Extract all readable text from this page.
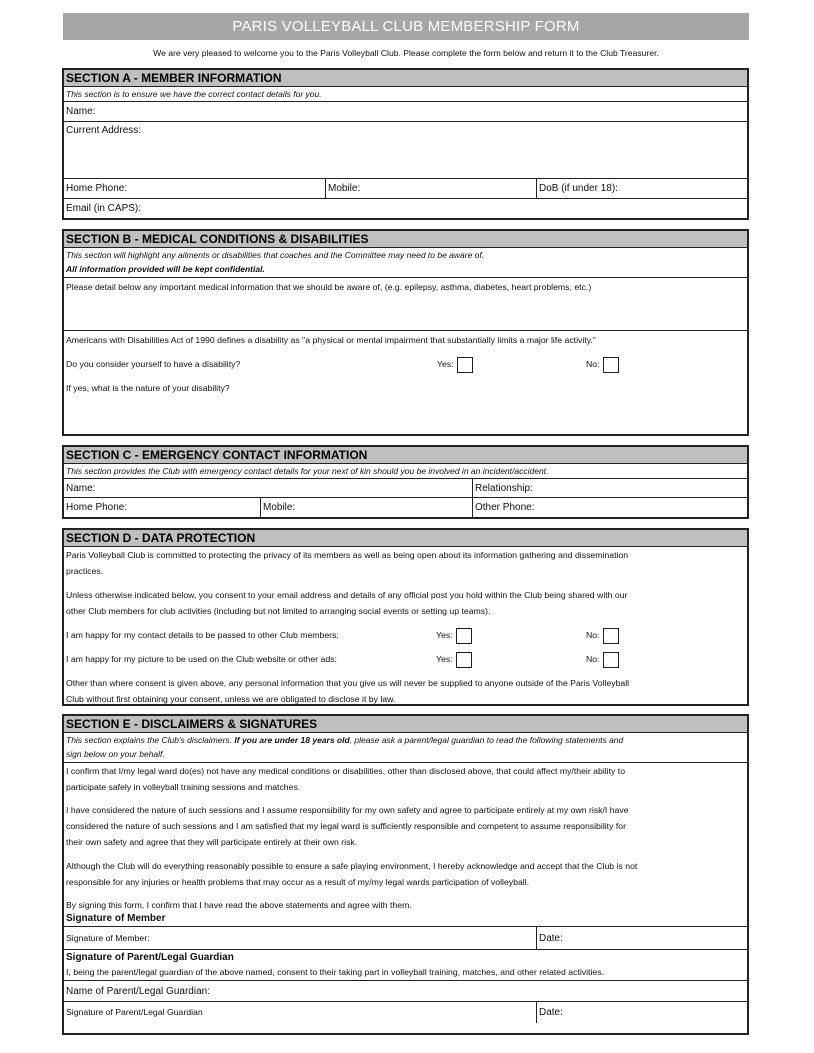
PARIS VOLLEYBALL CLUB MEMBERSHIP FORM
We are very pleased to welcome you to the Paris Volleyball Club. Please complete the form below and return it to the Club Treasurer.
SECTION A - MEMBER INFORMATION
This section is to ensure we have the correct contact details for you.
Name:
Current Address:
Home Phone:	Mobile:	DoB (if under 18):
Email (in CAPS):
SECTION B - MEDICAL CONDITIONS & DISABILITIES
This section will highlight any ailments or disabilities that coaches and the Committee may need to be aware of.
All information provided will be kept confidential.
Please detail below any important medical information that we should be aware of, (e.g. epilepsy, asthma, diabetes, heart problems, etc.)
Americans with Disabilities Act of 1990 defines a disability as "a physical or mental impairment that substantially limits a major life activity."
Do you consider yourself to have a disability?	Yes:	No:
If yes, what is the nature of your disability?
SECTION C - EMERGENCY CONTACT INFORMATION
This section provides the Club with emergency contact details for your next of kin should you be involved in an incident/accident.
Name:	Relationship:
Home Phone:	Mobile:	Other Phone:
SECTION D - DATA PROTECTION
Paris Volleyball Club is committed to protecting the privacy of its members as well as being open about its information gathering and dissemination
practices.
Unless otherwise indicated below, you consent to your email address and details of any official post you hold within the Club being shared with our
other Club members for club activities (including but not limited to arranging social events or setting up teams).
I am happy for my contact details to be passed to other Club members:	Yes:	No:
I am happy for my picture to be used on the Club website or other ads:	Yes:	No:
Other than where consent is given above, any personal information that you give us will never be supplied to anyone outside of the Paris Volleyball
Club without first obtaining your consent, unless we are obligated to disclose it by law.
SECTION E - DISCLAIMERS & SIGNATURES
This section explains the Club's disclaimers. If you are under 18 years old, please ask a parent/legal guardian to read the following statements and
sign below on your behalf.
I confirm that I/my legal ward do(es) not have any medical conditions or disabilities, other than disclosed above, that could affect my/their ability to
participate safely in volleyball training sessions and matches.
I have considered the nature of such sessions and I assume responsibility for my own safety and agree to participate entirely at my own risk/I have
considered the nature of such sessions and I am satisfied that my legal ward is sufficiently responsible and competent to assume responsibility for
their own safety and agree that they will participate entirely at their own risk.
Although the Club will do everything reasonably possible to ensure a safe playing environment, I hereby acknowledge and accept that the Club is not
responsible for any injuries or health problems that may occur as a result of my/my legal wards participation of volleyball.
By signing this form, I confirm that I have read the above statements and agree with them.
Signature of Member
Signature of Member:	Date:
Signature of Parent/Legal Guardian
I, being the parent/legal guardian of the above named, consent to their taking part in volleyball training, matches, and other related activities.
Name of Parent/Legal Guardian:
Signature of Parent/Legal Guardian	Date:
